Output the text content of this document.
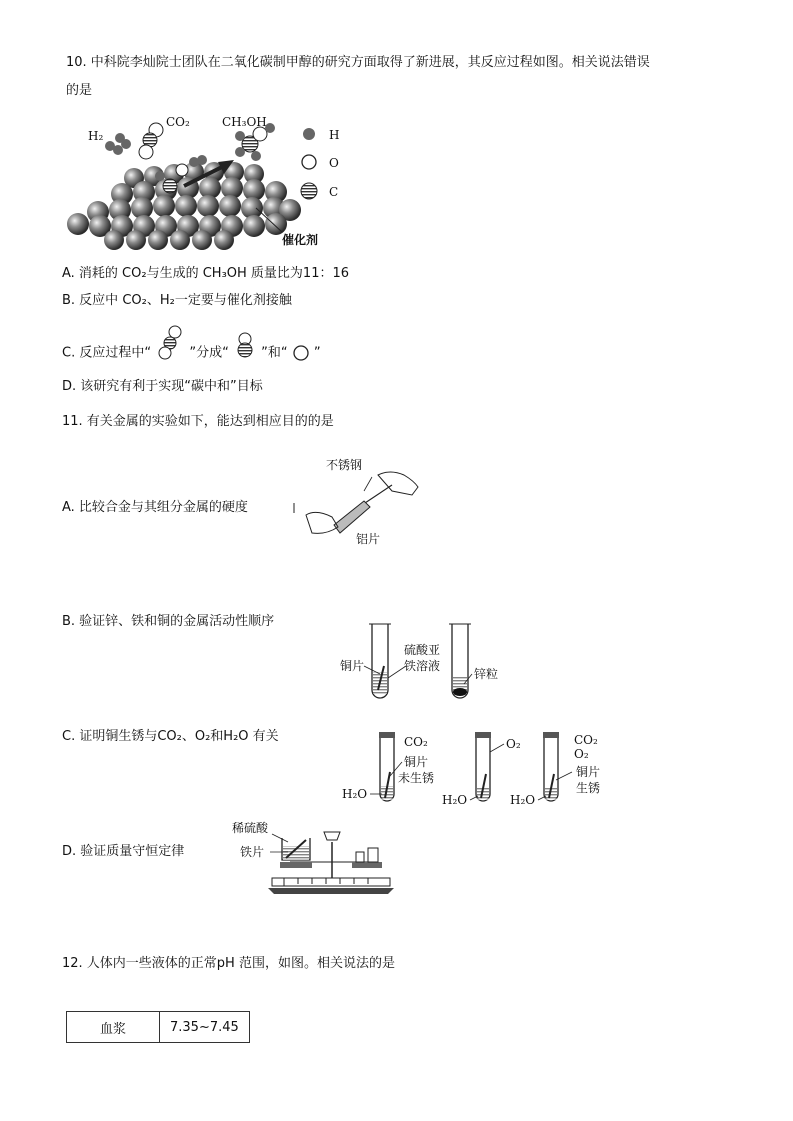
10. 中科院李灿院士团队在二氧化碳制甲醇的研究方面取得了新进展，其反应过程如图。相关说法错误
的是
H₂
CO₂	CH₃OH
催化剂
H
O
C
A. 消耗的 CO₂与生成的 CH₃OH 质量比为11：16
B. 反应中 CO₂、H₂一定要与催化剂接触
C. 反应过程中“	”分成“ ”和“ ”
D. 该研究有利于实现“碳中和”目标
11. 有关金属的实验如下，能达到相应目的的是
A. 比较合金与其组分金属的硬度
不锈钢
铝片
B. 验证锌、铁和铜的金属活动性顺序
铜片
硫酸亚
铁溶液
锌粒
C. 证明铜生锈与CO₂、O₂和H₂O 有关	CO₂
铜片
未生锈
H₂O
O₂
H₂O
CO₂
O₂
铜片
生锈
H₂O
D. 验证质量守恒定律
稀硫酸
铁片
12. 人体内一些液体的正常pH 范围，如图。相关说法的是
血浆	7.35~7.45
